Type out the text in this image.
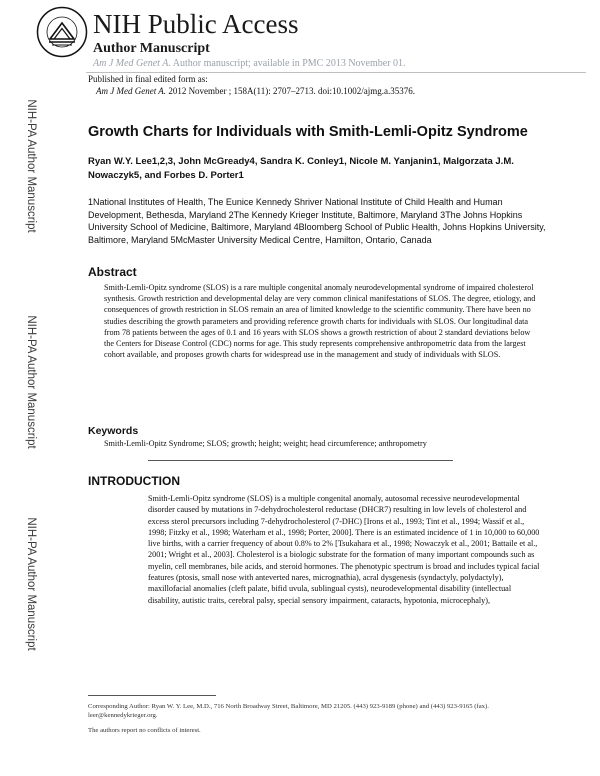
NIH Public Access
Author Manuscript
Am J Med Genet A. Author manuscript; available in PMC 2013 November 01.
Published in final edited form as:
Am J Med Genet A. 2012 November ; 158A(11): 2707–2713. doi:10.1002/ajmg.a.35376.
NIH-PA Author Manuscript
NIH-PA Author Manuscript
NIH-PA Author Manuscript
Growth Charts for Individuals with Smith-Lemli-Opitz Syndrome
Ryan W.Y. Lee1,2,3, John McGready4, Sandra K. Conley1, Nicole M. Yanjanin1, Malgorzata J.M. Nowaczyk5, and Forbes D. Porter1
1National Institutes of Health, The Eunice Kennedy Shriver National Institute of Child Health and Human Development, Bethesda, Maryland 2The Kennedy Krieger Institute, Baltimore, Maryland 3The Johns Hopkins University School of Medicine, Baltimore, Maryland 4Bloomberg School of Public Health, Johns Hopkins University, Baltimore, Maryland 5McMaster University Medical Centre, Hamilton, Ontario, Canada
Abstract
Smith-Lemli-Opitz syndrome (SLOS) is a rare multiple congenital anomaly neurodevelopmental syndrome of impaired cholesterol synthesis. Growth restriction and developmental delay are very common clinical manifestations of SLOS. The degree, etiology, and consequences of growth restriction in SLOS remain an area of limited knowledge to the scientific community. There have been no studies describing the growth parameters and providing reference growth charts for individuals with SLOS. Our longitudinal data from 78 patients between the ages of 0.1 and 16 years with SLOS shows a growth restriction of about 2 standard deviations below the Centers for Disease Control (CDC) norms for age. This study represents comprehensive anthropometric data from the largest cohort available, and proposes growth charts for widespread use in the management and study of individuals with SLOS.
Keywords
Smith-Lemli-Opitz Syndrome; SLOS; growth; height; weight; head circumference; anthropometry
INTRODUCTION
Smith-Lemli-Opitz syndrome (SLOS) is a multiple congenital anomaly, autosomal recessive neurodevelopmental disorder caused by mutations in 7-dehydrocholesterol reductase (DHCR7) resulting in low levels of cholesterol and excess sterol precursors including 7-dehydrocholesterol (7-DHC) [Irons et al., 1993; Tint et al., 1994; Wassif et al., 1998; Fitzky et al., 1998; Waterham et al., 1998; Porter, 2000]. There is an estimated incidence of 1 in 10,000 to 60,000 live births, with a carrier frequency of about 0.8% to 2% [Tsukahara et al., 1998; Nowaczyk et al., 2001; Battaile et al., 2001; Wright et al., 2003]. Cholesterol is a biologic substrate for the formation of many important compounds such as myelin, cell membranes, bile acids, and steroid hormones. The phenotypic spectrum is broad and includes typical facial features (ptosis, small nose with anteverted nares, micrognathia), acral dysgenesis (syndactyly, polydactyly), maxillofacial anomalies (cleft palate, bifid uvula, sublingual cysts), neurodevelopmental disability (intellectual disability, autistic traits, cerebral palsy, special sensory impairment, cataracts, hypotonia, microcephaly),
Corresponding Author: Ryan W. Y. Lee, M.D., 716 North Broadway Street, Baltimore, MD 21205. (443) 923-9189 (phone) and (443) 923-9165 (fax). leer@kennedykrieger.org.
The authors report no conflicts of interest.
